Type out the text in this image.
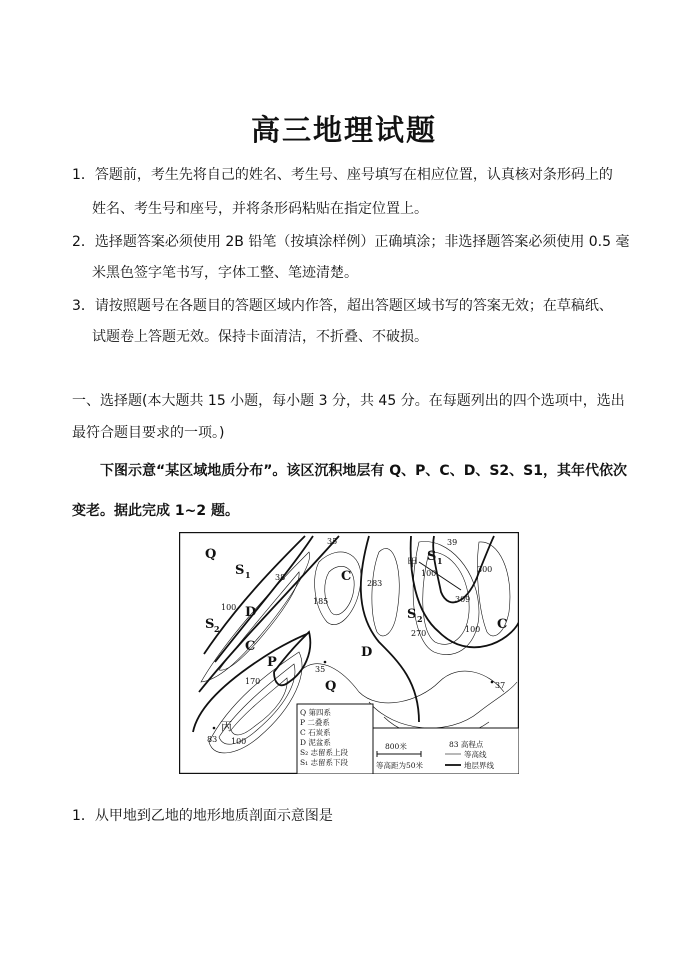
高三地理试题
1．答题前，考生先将自己的姓名、考生号、座号填写在相应位置，认真核对条形码上的
姓名、考生号和座号，并将条形码粘贴在指定位置上。
2．选择题答案必须使用 2B 铅笔（按填涂样例）正确填涂；非选择题答案必须使用 0.5 毫
米黑色签字笔书写，字体工整、笔迹清楚。
3．请按照题号在各题目的答题区域内作答，超出答题区域书写的答案无效；在草稿纸、
试题卷上答题无效。保持卡面清洁，不折叠、不破损。
一、选择题(本大题共 15 小题，每小题 3 分，共 45 分。在每题列出的四个选项中，选出
最符合题目要求的一项。)
下图示意“某区域地质分布”。该区沉积地层有 Q、P、C、D、S2、S1，其年代依次
变老。据此完成 1~2 题。
Q
S 1
S 2
D
C
P
C
D
Q
S 1
S 2	C
甲
丙
35
38
100
185
283
39
300
309
270	100
100
35
170
100
83
37
Q 第四系
P 二叠系
C 石炭系
D 泥盆系
S₂ 志留系上段
S₁ 志留系下段
800米
等高距为50米
83 高程点
等高线
地层界线
1．从甲地到乙地的地形地质剖面示意图是
